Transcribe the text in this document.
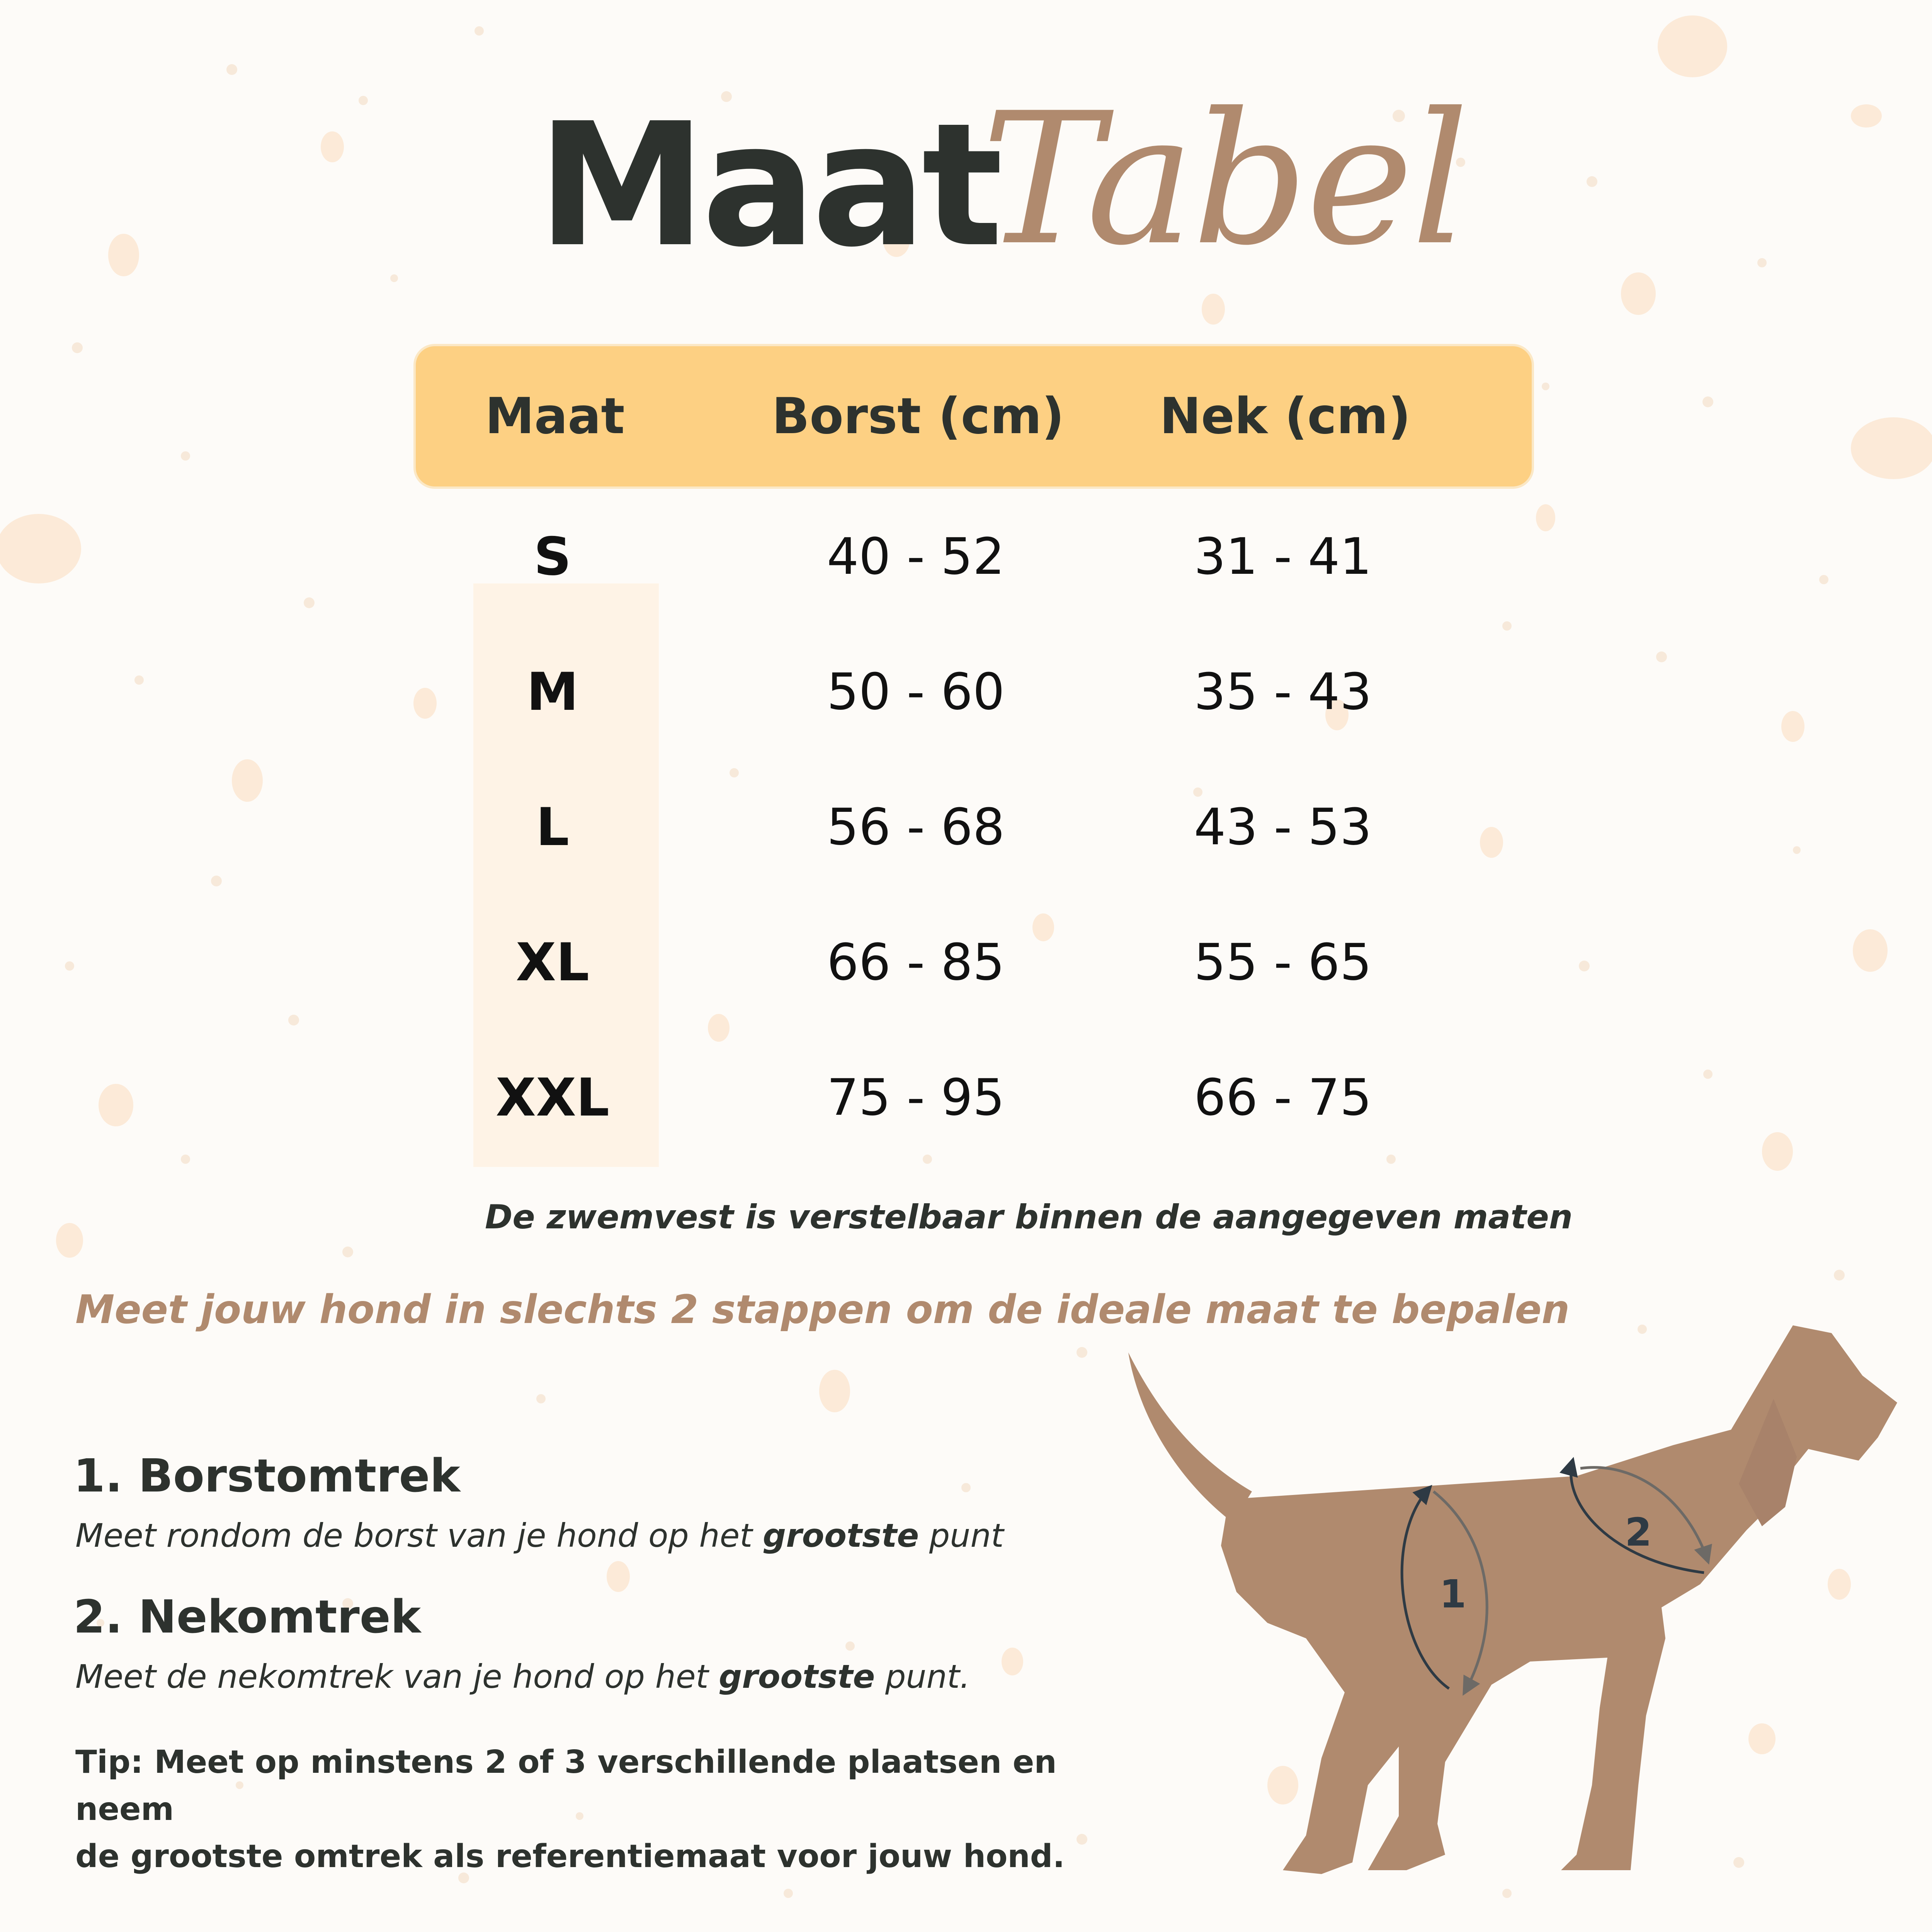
Maat
Tabel
Maat	Borst (cm)	Nek (cm)
S	40 - 52	31 - 41
M	50 - 60	35 - 43
L	56 - 68	43 - 53
XL	66 - 85	55 - 65
XXL	75 - 95	66 - 75
De zwemvest is verstelbaar binnen de aangegeven maten
Meet jouw hond in slechts 2 stappen om de ideale maat te bepalen
1. Borstomtrek
Meet rondom de borst van je hond op het grootste punt
2. Nekomtrek
Meet de nekomtrek van je hond op het grootste punt.
Tip: Meet op minstens 2 of 3 verschillende plaatsen en neem
de grootste omtrek als referentiemaat voor jouw hond.
1
2
